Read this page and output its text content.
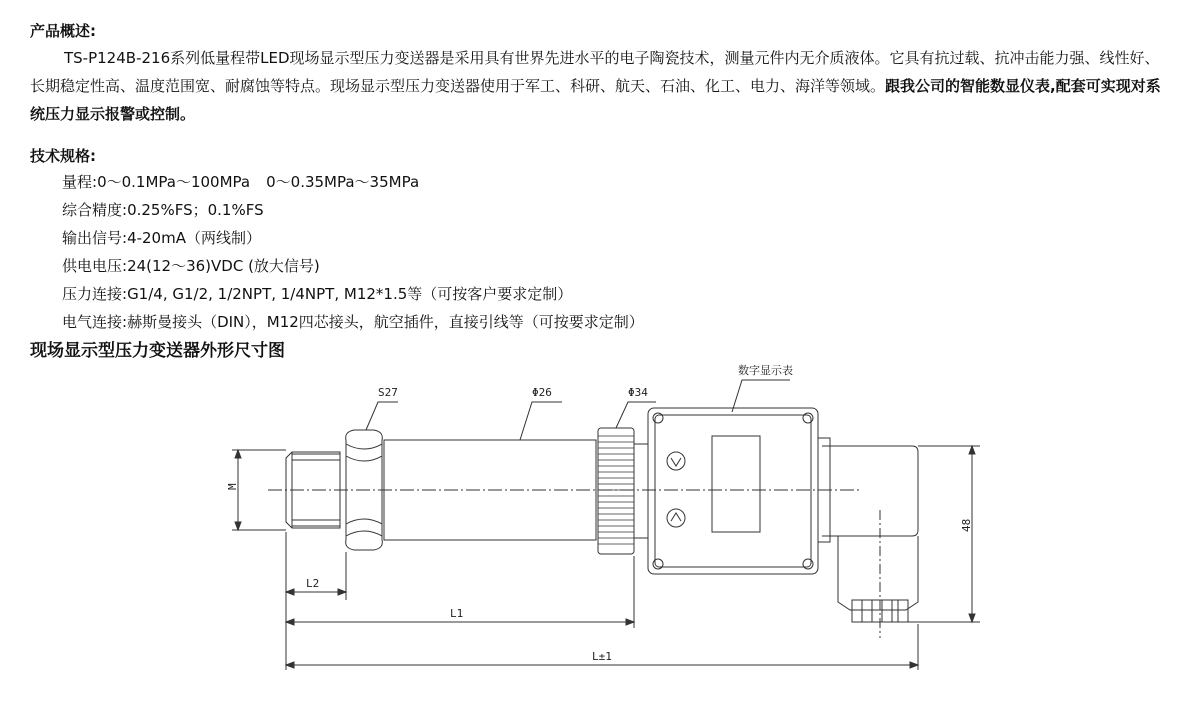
产品概述:
TS-P124B-216系列低量程带LED现场显示型压力变送器是采用具有世界先进水平的电子陶瓷技术，测量元件内无介质液体。它具有抗过载、抗冲击能力强、线性好、长期稳定性高、温度范围宽、耐腐蚀等特点。现场显示型压力变送器使用于军工、科研、航天、石油、化工、电力、海洋等领域。跟我公司的智能数显仪表,配套可实现对系统压力显示报警或控制。
技术规格:
量程:0～0.1MPa～100MPa 0～0.35MPa～35MPa
综合精度:0.25%FS；0.1%FS
输出信号:4-20mA（两线制）
供电电压:24(12～36)VDC (放大信号)
压力连接:G1/4, G1/2, 1/2NPT, 1/4NPT, M12*1.5等（可按客户要求定制）
电气连接:赫斯曼接头（DIN），M12四芯接头，航空插件，直接引线等（可按要求定制）
现场显示型压力变送器外形尺寸图
S27	Φ26	Φ34
数字显示表
M
L2
L1
L±1
48
